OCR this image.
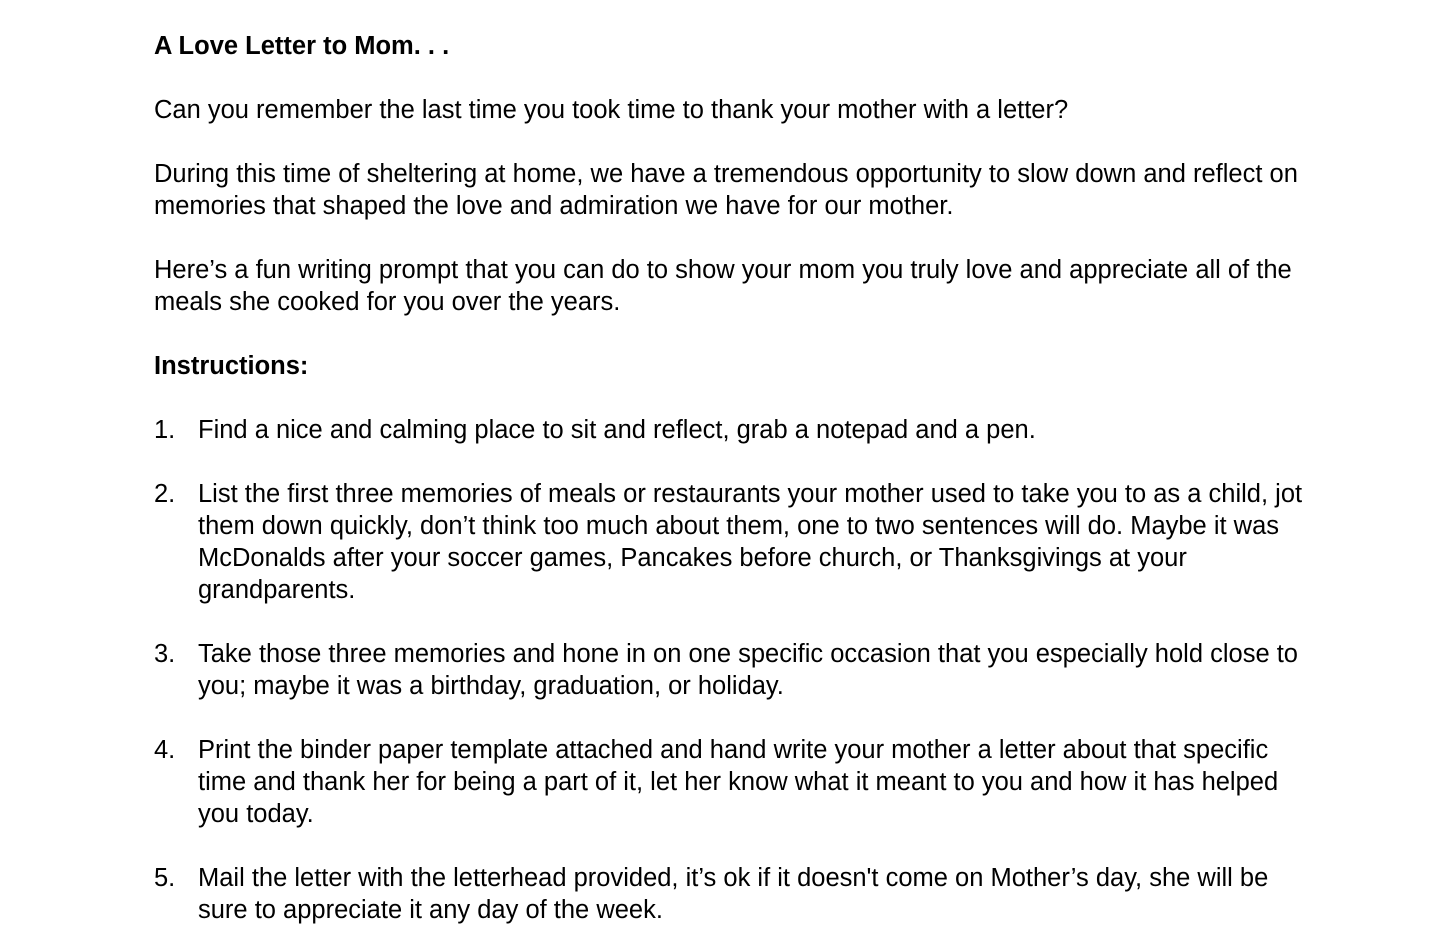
A Love Letter to Mom. . .

Can you remember the last time you took time to thank your mother with a letter?

During this time of sheltering at home, we have a tremendous opportunity to slow down and reflect on memories that shaped the love and admiration we have for our mother.

Here’s a fun writing prompt that you can do to show your mom you truly love and appreciate all of the meals she cooked for you over the years.

Instructions:

1. Find a nice and calming place to sit and reflect, grab a notepad and a pen.
2. List the first three memories of meals or restaurants your mother used to take you to as a child, jot them down quickly, don’t think too much about them, one to two sentences will do. Maybe it was McDonalds after your soccer games, Pancakes before church, or Thanksgivings at your grandparents.
3. Take those three memories and hone in on one specific occasion that you especially hold close to you; maybe it was a birthday, graduation, or holiday.
4. Print the binder paper template attached and hand write your mother a letter about that specific time and thank her for being a part of it, let her know what it meant to you and how it has helped you today.
5. Mail the letter with the letterhead provided, it’s ok if it doesn't come on Mother’s day, she will be sure to appreciate it any day of the week.
